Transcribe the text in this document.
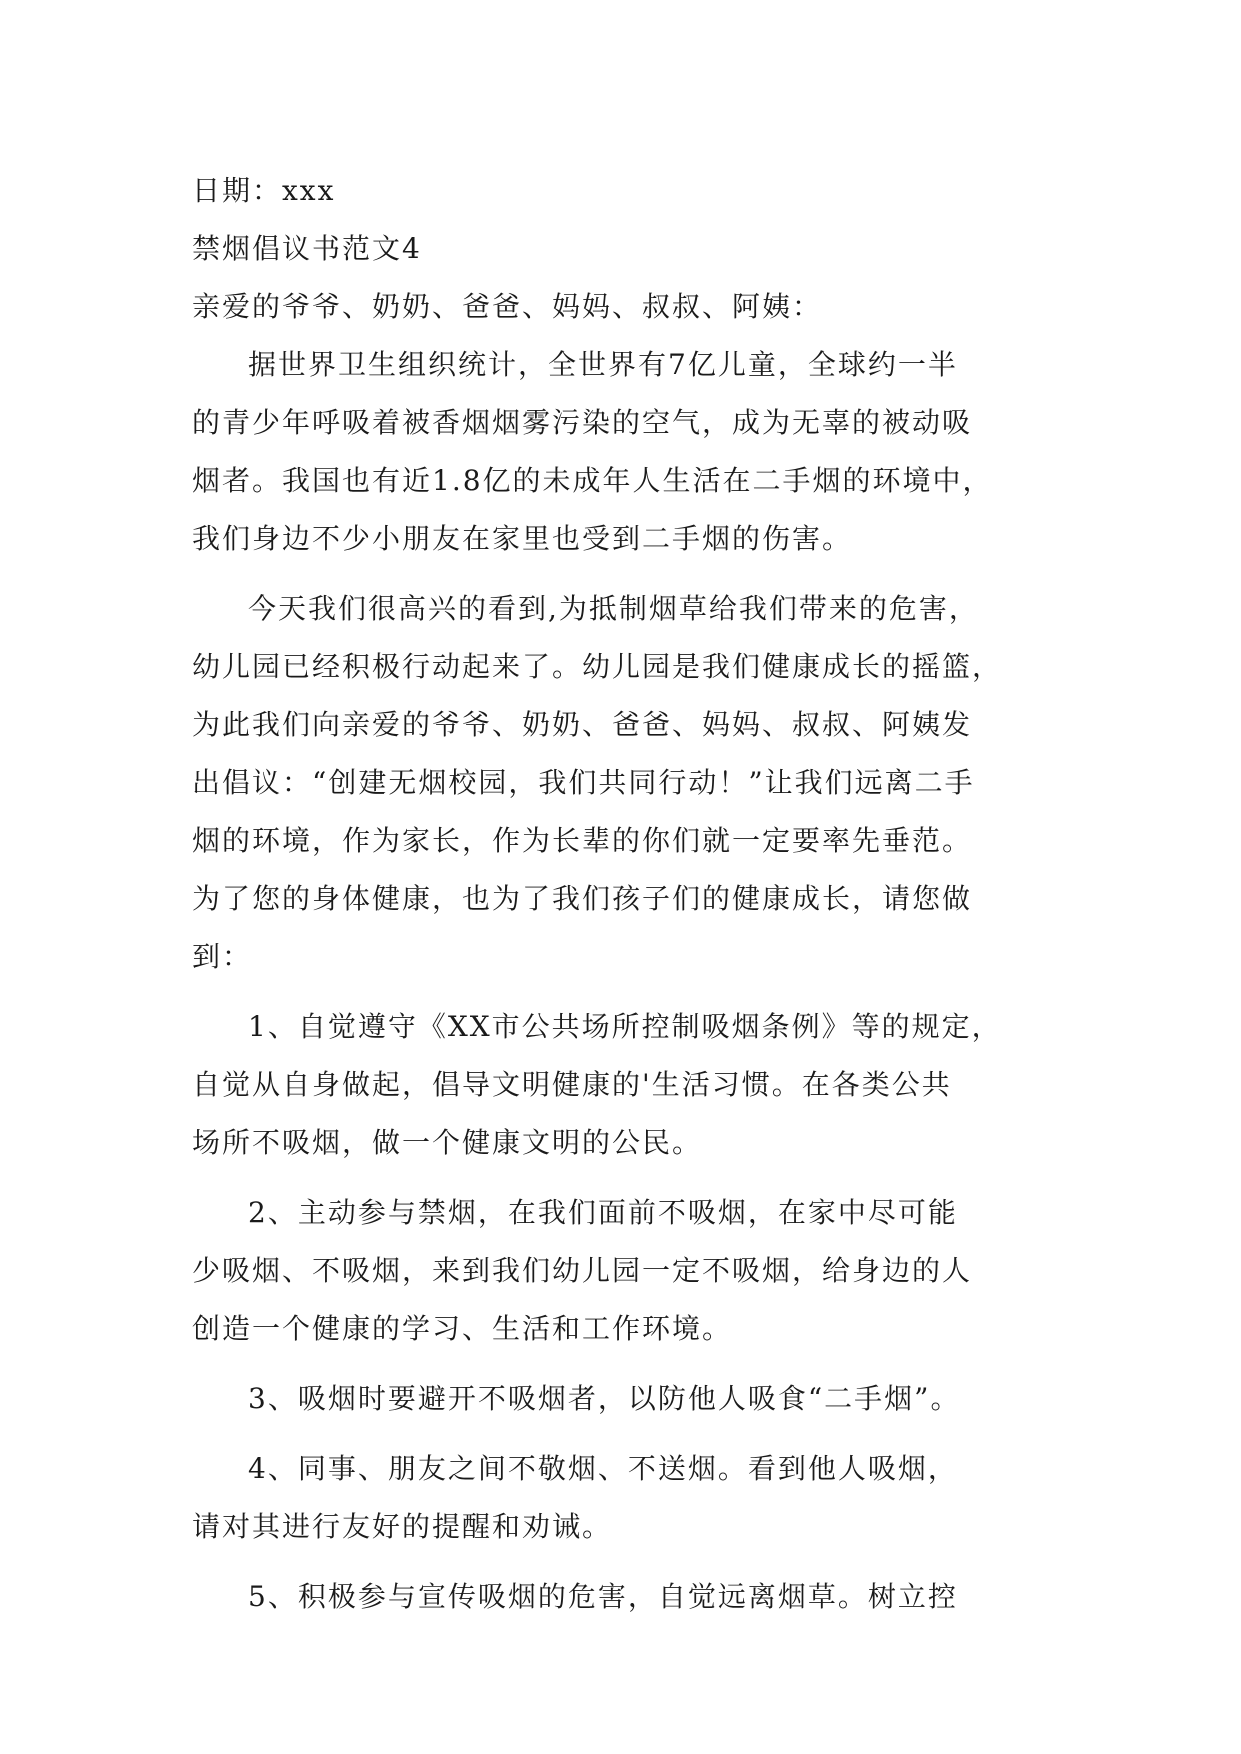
日期：xxx
禁烟倡议书范文4
亲爱的爷爷、奶奶、爸爸、妈妈、叔叔、阿姨：
据世界卫生组织统计，全世界有7亿儿童，全球约一半
的青少年呼吸着被香烟烟雾污染的空气，成为无辜的被动吸
烟者。我国也有近1.8亿的未成年人生活在二手烟的环境中，
我们身边不少小朋友在家里也受到二手烟的伤害。
今天我们很高兴的看到,为抵制烟草给我们带来的危害，
幼儿园已经积极行动起来了。幼儿园是我们健康成长的摇篮，
为此我们向亲爱的爷爷、奶奶、爸爸、妈妈、叔叔、阿姨发
出倡议：“创建无烟校园，我们共同行动！”让我们远离二手
烟的环境，作为家长，作为长辈的你们就一定要率先垂范。
为了您的身体健康，也为了我们孩子们的健康成长，请您做
到：
1、自觉遵守《XX市公共场所控制吸烟条例》等的规定，
自觉从自身做起，倡导文明健康的'生活习惯。在各类公共
场所不吸烟，做一个健康文明的公民。
2、主动参与禁烟，在我们面前不吸烟，在家中尽可能
少吸烟、不吸烟，来到我们幼儿园一定不吸烟，给身边的人
创造一个健康的学习、生活和工作环境。
3、吸烟时要避开不吸烟者，以防他人吸食“二手烟”。
4、同事、朋友之间不敬烟、不送烟。看到他人吸烟，
请对其进行友好的提醒和劝诫。
5、积极参与宣传吸烟的危害，自觉远离烟草。树立控
